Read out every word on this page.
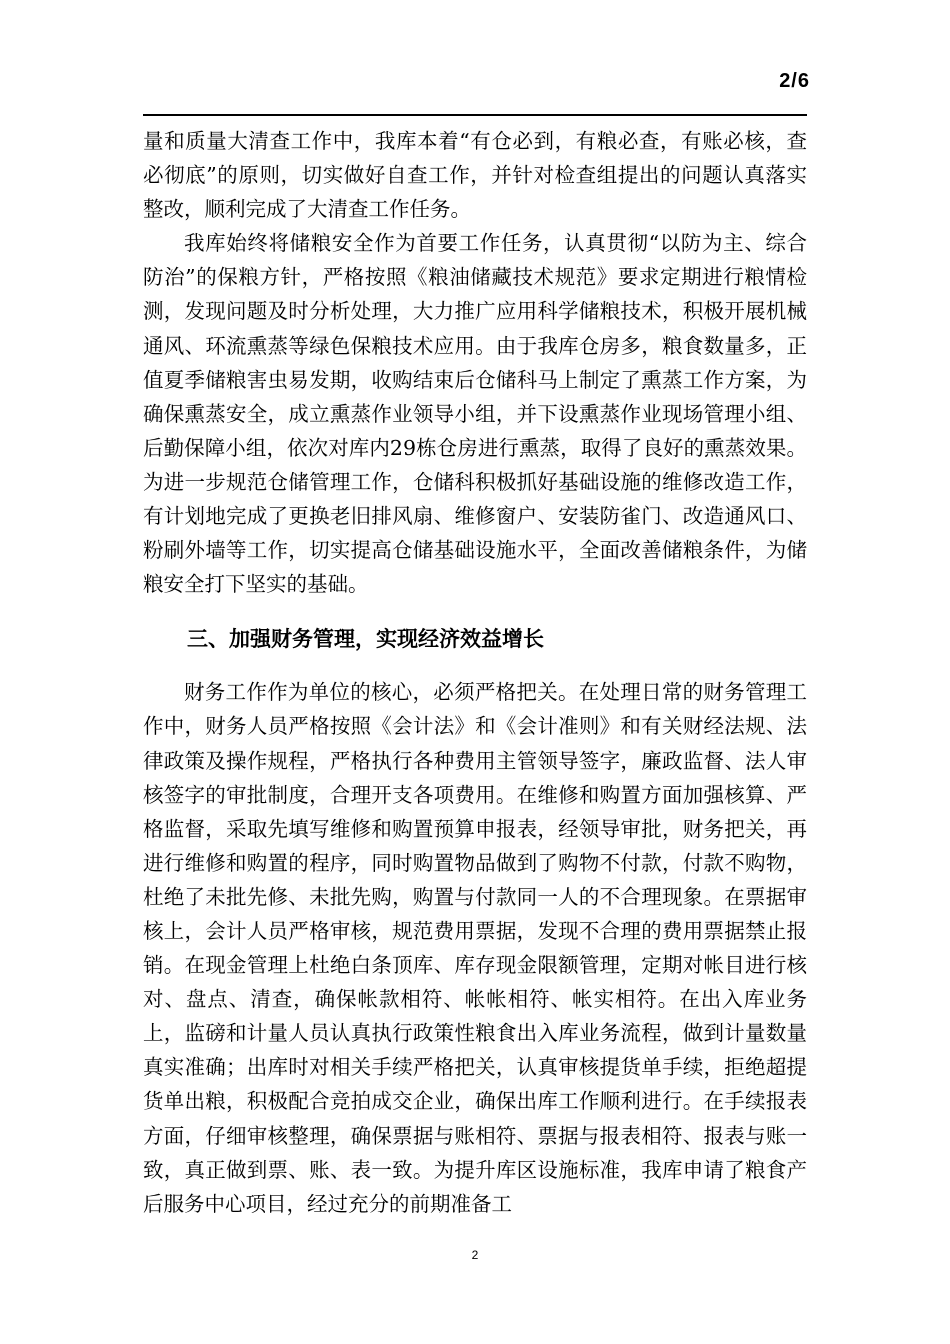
2/6

量和质量大清查工作中，我库本着“有仓必到，有粮必查，有账必核，查必彻底”的原则，切实做好自查工作，并针对检查组提出的问题认真落实整改，顺利完成了大清查工作任务。

我库始终将储粮安全作为首要工作任务，认真贯彻“以防为主、综合防治”的保粮方针，严格按照《粮油储藏技术规范》要求定期进行粮情检测，发现问题及时分析处理，大力推广应用科学储粮技术，积极开展机械通风、环流熏蒸等绿色保粮技术应用。由于我库仓房多，粮食数量多，正值夏季储粮害虫易发期，收购结束后仓储科马上制定了熏蒸工作方案，为确保熏蒸安全，成立熏蒸作业领导小组，并下设熏蒸作业现场管理小组、后勤保障小组，依次对库内29栋仓房进行熏蒸，取得了良好的熏蒸效果。为进一步规范仓储管理工作，仓储科积极抓好基础设施的维修改造工作，有计划地完成了更换老旧排风扇、维修窗户、安装防雀门、改造通风口、粉刷外墙等工作，切实提高仓储基础设施水平，全面改善储粮条件，为储粮安全打下坚实的基础。

三、加强财务管理，实现经济效益增长

财务工作作为单位的核心，必须严格把关。在处理日常的财务管理工作中，财务人员严格按照《会计法》和《会计准则》和有关财经法规、法律政策及操作规程，严格执行各种费用主管领导签字，廉政监督、法人审核签字的审批制度，合理开支各项费用。在维修和购置方面加强核算、严格监督，采取先填写维修和购置预算申报表，经领导审批，财务把关，再进行维修和购置的程序，同时购置物品做到了购物不付款，付款不购物，杜绝了未批先修、未批先购，购置与付款同一人的不合理现象。在票据审核上，会计人员严格审核，规范费用票据，发现不合理的费用票据禁止报销。在现金管理上杜绝白条顶库、库存现金限额管理，定期对帐目进行核对、盘点、清查，确保帐款相符、帐帐相符、帐实相符。在出入库业务上，监磅和计量人员认真执行政策性粮食出入库业务流程，做到计量数量真实准确；出库时对相关手续严格把关，认真审核提货单手续，拒绝超提货单出粮，积极配合竞拍成交企业，确保出库工作顺利进行。在手续报表方面，仔细审核整理，确保票据与账相符、票据与报表相符、报表与账一致，真正做到票、账、表一致。为提升库区设施标准，我库申请了粮食产后服务中心项目，经过充分的前期准备工

2
